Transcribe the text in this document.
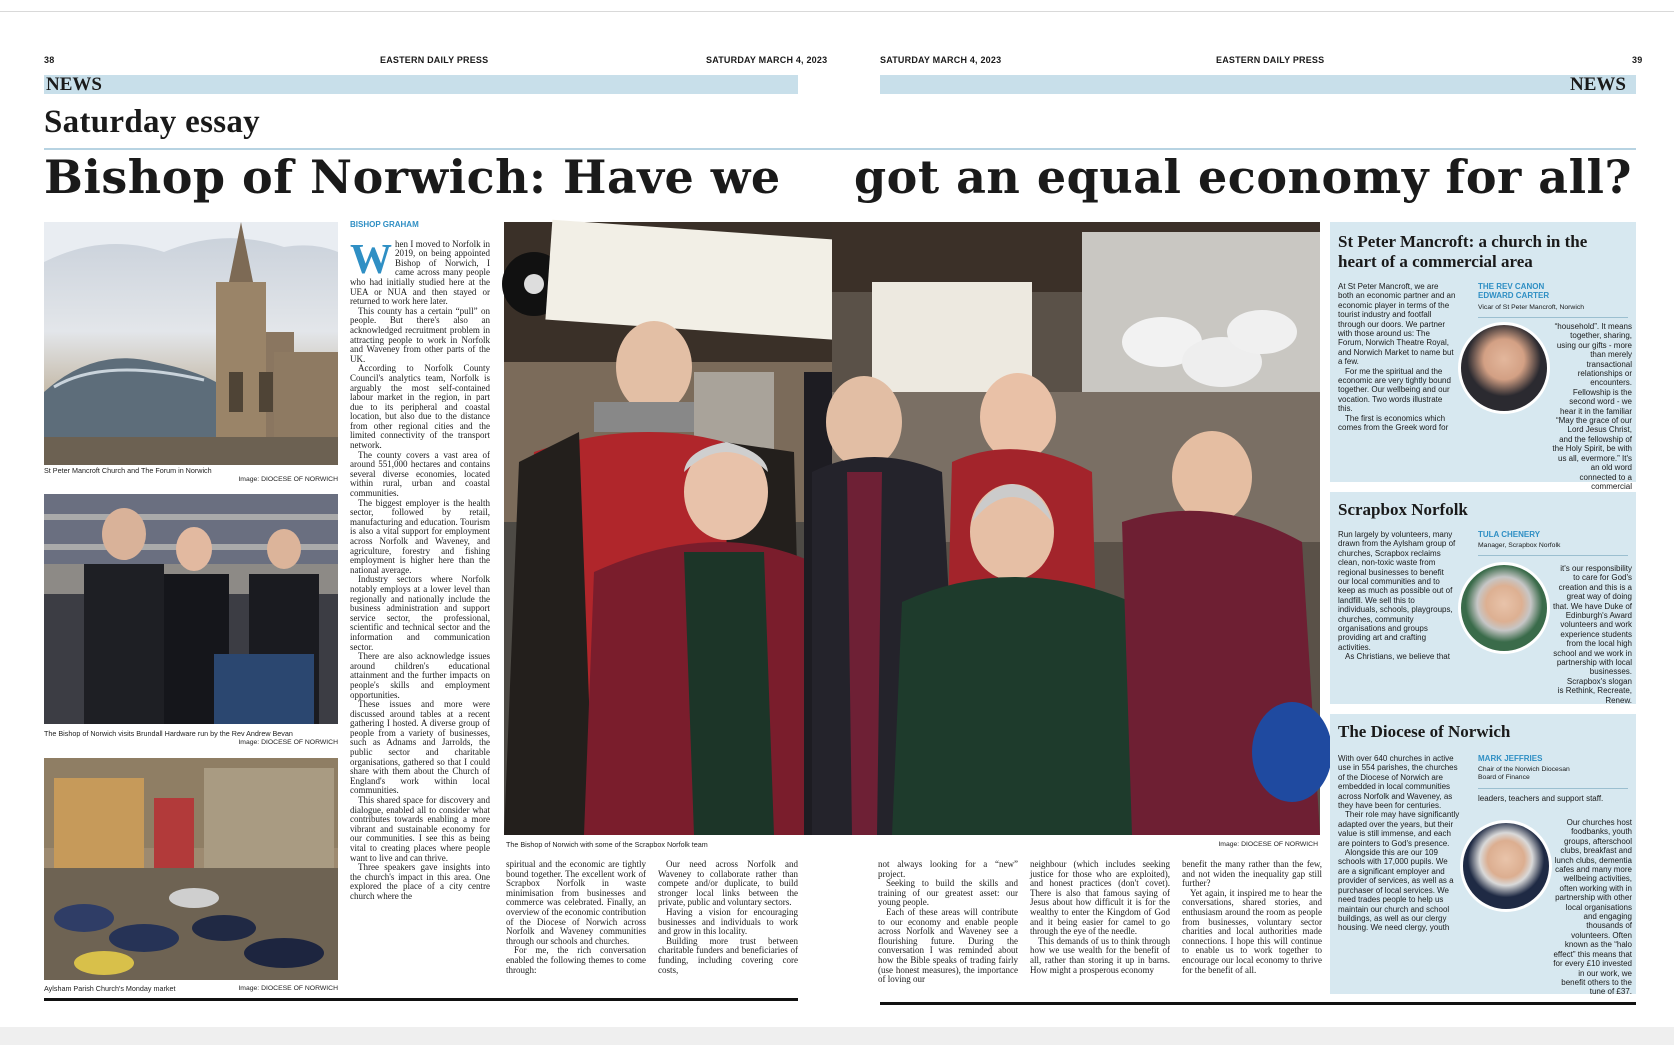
38	EASTERN DAILY PRESS	SATURDAY MARCH 4, 2023
NEWS
Saturday essay
Bishop of Norwich: Have we
St Peter Mancroft Church and The Forum in Norwich
Image: DIOCESE OF NORWICH
The Bishop of Norwich visits Brundall Hardware run by the Rev Andrew Bevan
Image: DIOCESE OF NORWICH
Aylsham Parish Church's Monday market	Image: DIOCESE OF NORWICH
BISHOP GRAHAM

When I moved to Norfolk in 2019, on being appointed Bishop of Norwich, I came across many people who had initially studied here at the UEA or NUA and then stayed or returned to work here later.

This county has a certain “pull” on people. But there's also an acknowledged recruitment problem in attracting people to work in Norfolk and Waveney from other parts of the UK.

According to Norfolk County Council's analytics team, Norfolk is arguably the most self-contained labour market in the region, in part due to its peripheral and coastal location, but also due to the distance from other regional cities and the limited connectivity of the transport network.

The county covers a vast area of around 551,000 hectares and contains several diverse economies, located within rural, urban and coastal communities.

The biggest employer is the health sector, followed by retail, manufacturing and education. Tourism is also a vital support for employment across Norfolk and Waveney, and agriculture, forestry and fishing employment is higher here than the national average.

Industry sectors where Norfolk notably employs at a lower level than regionally and nationally include the business administration and support service sector, the professional, scientific and technical sector and the information and communication sector.

There are also acknowledge issues around children's educational attainment and the further impacts on people's skills and employment opportunities.

These issues and more were discussed around tables at a recent gathering I hosted. A diverse group of people from a variety of businesses, such as Adnams and Jarrolds, the public sector and charitable organisations, gathered so that I could share with them about the Church of England's work within local communities.

This shared space for discovery and dialogue, enabled all to consider what contributes towards enabling a more vibrant and sustainable economy for our communities. I see this as being vital to creating places where people want to live and can thrive.

Three speakers gave insights into the church's impact in this area. One explored the place of a city centre church where the

The Bishop of Norwich with some of the Scrapbox Norfolk team

spiritual and the economic are tightly bound together. The excellent work of Scrapbox Norfolk in waste minimisation from businesses and commerce was celebrated. Finally, an overview of the economic contribution of the Diocese of Norwich across Norfolk and Waveney communities through our schools and churches.

For me, the rich conversation enabled the following themes to come through:

Our need across Norfolk and Waveney to collaborate rather than compete and/or duplicate, to build stronger local links between the private, public and voluntary sectors.

Having a vision for encouraging businesses and individuals to work and grow in this locality.

Building more trust between charitable funders and beneficiaries of funding, including covering core costs,

SATURDAY MARCH 4, 2023	EASTERN DAILY PRESS	39
NEWS
got an equal economy for all?
Image: DIOCESE OF NORWICH

not always looking for a “new” project.

Seeking to build the skills and training of our greatest asset: our young people.

Each of these areas will contribute to our economy and enable people across Norfolk and Waveney see a flourishing future. During the conversation I was reminded about how the Bible speaks of trading fairly (use honest measures), the importance of loving our

neighbour (which includes seeking justice for those who are exploited), and honest practices (don't covet). There is also that famous saying of Jesus about how difficult it is for the wealthy to enter the Kingdom of God and it being easier for camel to go through the eye of the needle.

This demands of us to think through how we use wealth for the benefit of all, rather than storing it up in barns. How might a prosperous economy

benefit the many rather than the few, and not widen the inequality gap still further?

Yet again, it inspired me to hear the conversations, shared stories, and enthusiasm around the room as people from businesses, voluntary sector charities and local authorities made connections. I hope this will continue to enable us to work together to encourage our local economy to thrive for the benefit of all.

St Peter Mancroft: a church in the heart of a commercial area

At St Peter Mancroft, we are both an economic partner and an economic player in terms of the tourist industry and footfall through our doors. We partner with those around us: The Forum, Norwich Theatre Royal, and Norwich Market to name but a few.

For me the spiritual and the economic are very tightly bound together. Our wellbeing and our vocation. Two words illustrate this.

The first is economics which comes from the Greek word for

THE REV CANON EDWARD CARTER
Vicar of St Peter Mancroft, Norwich

“household”. It means together, sharing, using our gifts - more than merely transactional relationships or encounters.

Fellowship is the second word - we hear it in the familiar “May the grace of our Lord Jesus Christ, and the fellowship of the Holy Spirit, be with us all, evermore.” It's an old word connected to a commercial

Scrapbox Norfolk

Run largely by volunteers, many drawn from the Aylsham group of churches, Scrapbox reclaims clean, non-toxic waste from regional businesses to benefit our local communities and to keep as much as possible out of landfill. We sell this to individuals, schools, playgroups, churches, community organisations and groups providing art and crafting activities.

As Christians, we believe that

TULA CHENERY
Manager, Scrapbox Norfolk

it's our responsibility to care for God's creation and this is a great way of doing that. We have Duke of Edinburgh's Award volunteers and work experience students from the local high school and we work in partnership with local businesses.

Scrapbox's slogan is Rethink, Recreate, Renew.

The Diocese of Norwich

With over 640 churches in active use in 554 parishes, the churches of the Diocese of Norwich are embedded in local communities across Norfolk and Waveney, as they have been for centuries.

Their role may have significantly adapted over the years, but their value is still immense, and each are pointers to God's presence.

Alongside this are our 109 schools with 17,000 pupils. We are a significant employer and provider of services, as well as a purchaser of local services. We need trades people to help us maintain our church and school buildings, as well as our clergy housing. We need clergy, youth

MARK JEFFRIES
Chair of the Norwich Diocesan Board of Finance

leaders, teachers and support staff.

Our churches host foodbanks, youth groups, afterschool clubs, breakfast and lunch clubs, dementia cafes and many more wellbeing activities, often working with in partnership with other local organisations and engaging thousands of volunteers. Often known as the “halo effect” this means that for every £10 invested in our work, we benefit others to the tune of £37.
